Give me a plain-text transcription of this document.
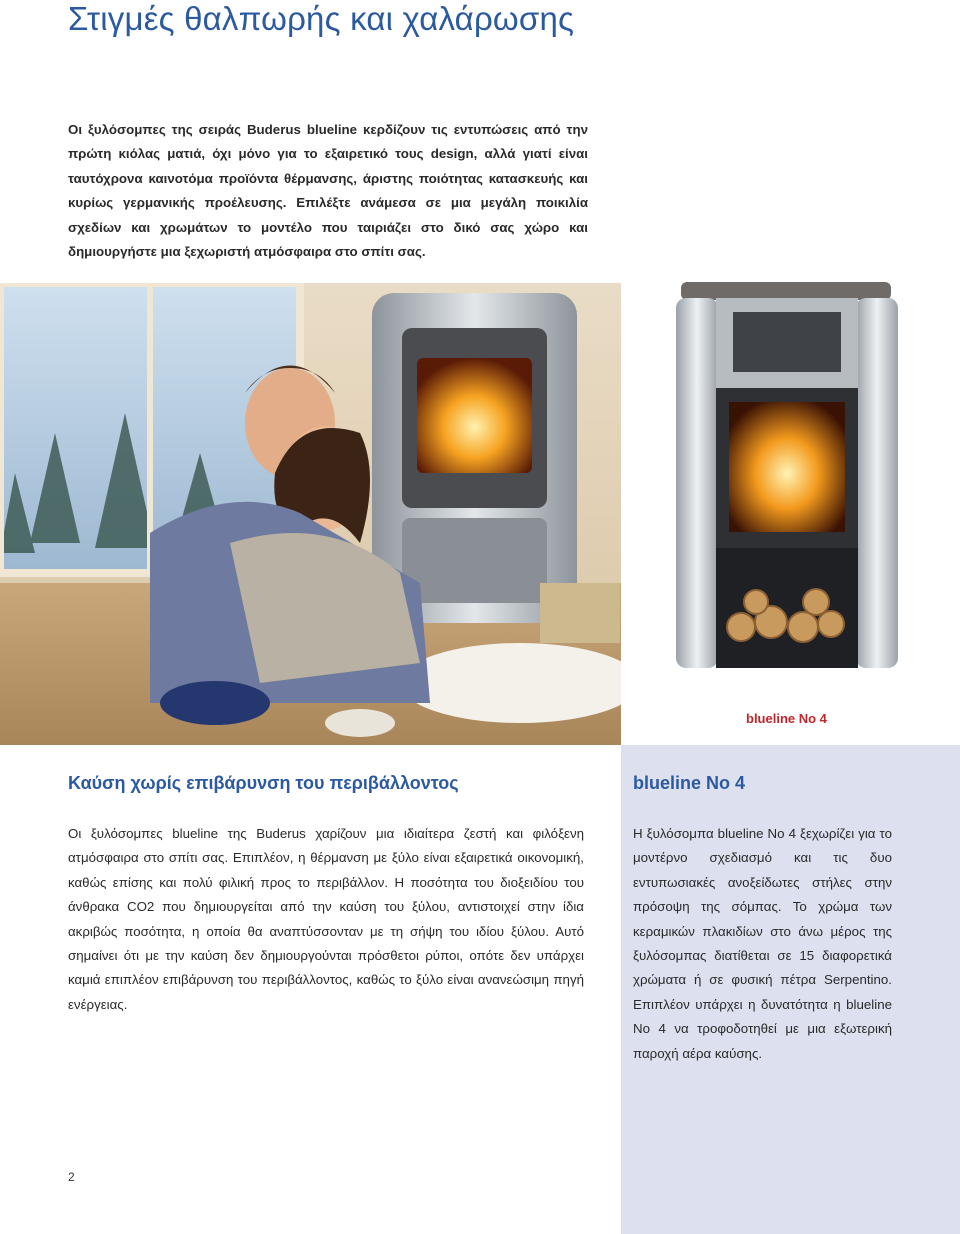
Στιγμές θαλπωρής και χαλάρωσης
Οι ξυλόσομπες της σειράς Buderus blueline κερδίζουν τις εντυπώσεις από την πρώτη κιόλας ματιά, όχι μόνο για το εξαιρετικό τους design, αλλά γιατί είναι ταυτόχρονα καινοτόμα προϊόντα θέρμανσης, άριστης ποιότητας κατασκευής και κυρίως γερμανικής προέλευσης. Επιλέξτε ανάμεσα σε μια μεγάλη ποικιλία σχεδίων και χρωμάτων το μοντέλο που ταιριάζει στο δικό σας χώρο και δημιουργήστε μια ξεχωριστή ατμόσφαιρα στο σπίτι σας.
blueline No 4
Καύση χωρίς επιβάρυνση του περιβάλλοντος	blueline No 4
Οι ξυλόσομπες blueline της Buderus χαρίζουν μια ιδιαίτερα ζεστή και φιλόξενη ατμόσφαιρα στο σπίτι σας. Επιπλέον, η θέρμανση με ξύλο είναι εξαιρετικά οικονομική, καθώς επίσης και πολύ φιλική προς το περιβάλλον. Η ποσότητα του διοξειδίου του άνθρακα CO2 που δημιουργείται από την καύση του ξύλου, αντιστοιχεί στην ίδια ακριβώς ποσότητα, η οποία θα αναπτύσσονταν με τη σήψη του ιδίου ξύλου. Αυτό σημαίνει ότι με την καύση δεν δημιουργούνται πρόσθετοι ρύποι, οπότε δεν υπάρχει καμιά επιπλέον επιβάρυνση του περιβάλλοντος, καθώς το ξύλο είναι ανανεώσιμη πηγή ενέργειας.
Η ξυλόσομπα blueline No 4 ξεχωρίζει για το μοντέρνο σχεδιασμό και τις δυο εντυπωσιακές ανοξείδωτες στήλες στην πρόσοψη της σόμπας. Το χρώμα των κεραμικών πλακιδίων στο άνω μέρος της ξυλόσομπας διατίθεται σε 15 διαφορετικά χρώματα ή σε φυσική πέτρα Serpentino. Επιπλέον υπάρχει η δυνατότητα η blueline No 4 να τροφοδοτηθεί με μια εξωτερική παροχή αέρα καύσης.
2
